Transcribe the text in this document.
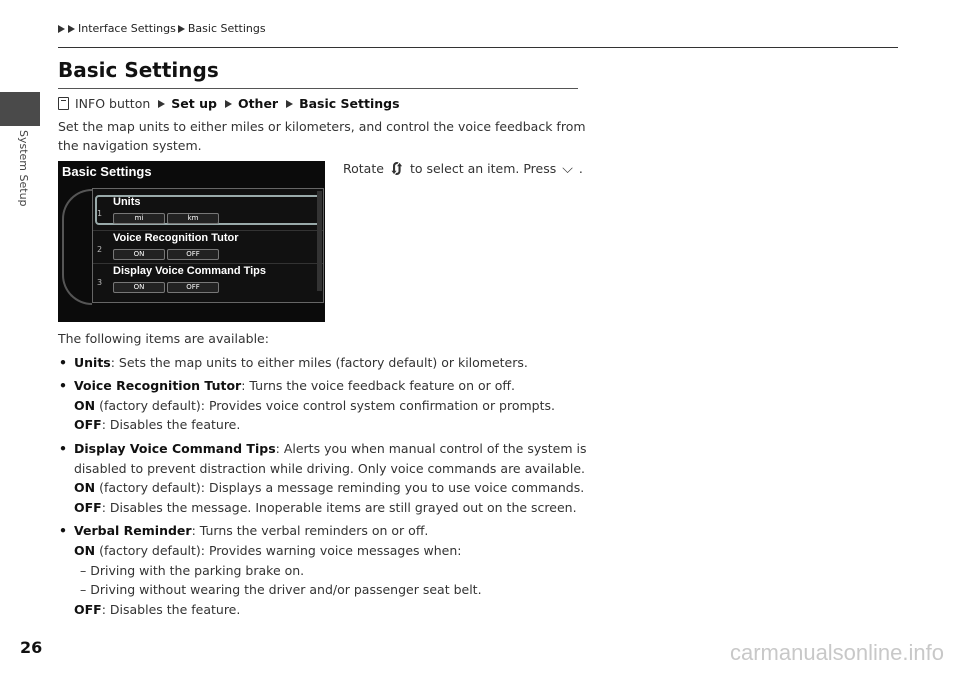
Interface Settings Basic Settings
System Setup
Basic Settings
INFO button Set up Other Basic Settings
Set the map units to either miles or kilometers, and control the voice feedback from
the navigation system.
Rotate 🔄︎ to select an item. Press ⌵ .
Basic Settings
1
Units
mi	km
2
Voice Recognition Tutor
ON	OFF
3
Display Voice Command Tips
ON	OFF

The following items are available:

• Units: Sets the map units to either miles (factory default) or kilometers.

• Voice Recognition Tutor: Turns the voice feedback feature on or off.

ON (factory default): Provides voice control system confirmation or prompts.

OFF: Disables the feature.

• Display Voice Command Tips: Alerts you when manual control of the system is

disabled to prevent distraction while driving. Only voice commands are available.

ON (factory default): Displays a message reminding you to use voice commands.

OFF: Disables the message. Inoperable items are still grayed out on the screen.

• Verbal Reminder: Turns the verbal reminders on or off.

ON (factory default): Provides warning voice messages when:

– Driving with the parking brake on.

– Driving without wearing the driver and/or passenger seat belt.

OFF: Disables the feature.

26	carmanualsonline.info
